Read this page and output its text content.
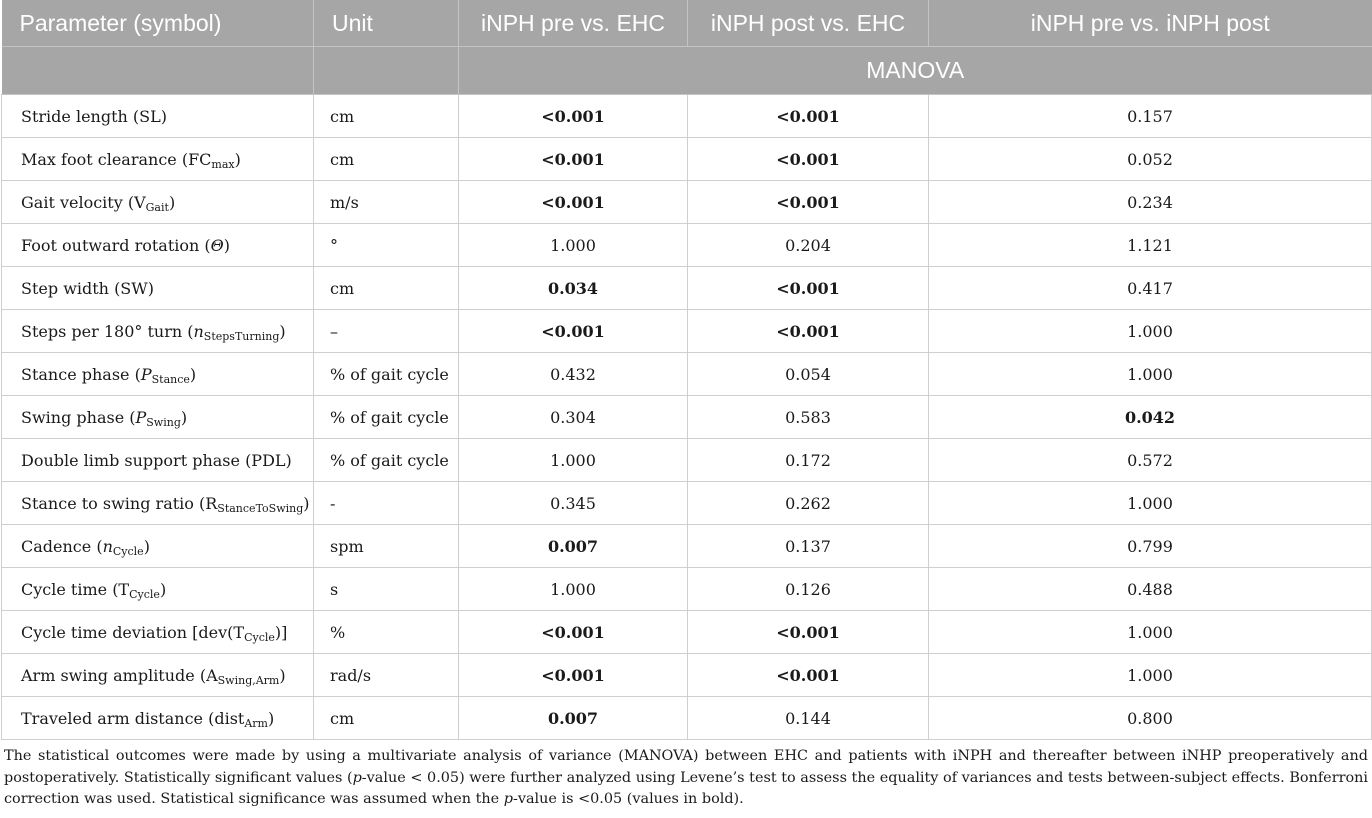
Parameter (symbol)	Unit	iNPH pre vs. EHC	iNPH post vs. EHC	iNPH pre vs. iNPH post
		MANOVA		
Stride length (SL)	cm	<0.001	<0.001	0.157
Max foot clearance $(FC_{max})$	cm	<0.001	<0.001	0.052
Gait velocity $(V_{Gait})$	m/s	<0.001	<0.001	0.234
Foot outward rotation (Θ)	°	1.000	0.204	1.121
Step width (SW)	cm	0.034	<0.001	0.417
Steps per 180° turn $(n_{StepsTurning})$	–	<0.001	<0.001	1.000
Stance phase $(P_{Stance})$	% of gait cycle	0.432	0.054	1.000
Swing phase $(P_{Swing})$	% of gait cycle	0.304	0.583	0.042
Double limb support phase (PDL)	% of gait cycle	1.000	0.172	0.572
Stance to swing ratio $(R_{StanceToSwing})$	-	0.345	0.262	1.000
Cadence $(n_{Cycle})$	spm	0.007	0.137	0.799
Cycle time $(T_{Cycle})$	s	1.000	0.126	0.488
Cycle time deviation $[dev(T_{Cycle})]$	%	<0.001	<0.001	1.000
Arm swing amplitude $(A_{Swing,Arm})$	rad/s	<0.001	<0.001	1.000
Traveled arm distance (dist$_{Arm}$)	cm	0.007	0.144	0.800
The statistical outcomes were made by using a multivariate analysis of variance (MANOVA) between EHC and patients with iNPH and thereafter between iNHP preoperatively and postoperatively. Statistically significant values (p-value < 0.05) were further analyzed using Levene’s test to assess the equality of variances and tests between-subject effects. Bonferroni correction was used. Statistical significance was assumed when the p-value is <0.05 (values in bold).
